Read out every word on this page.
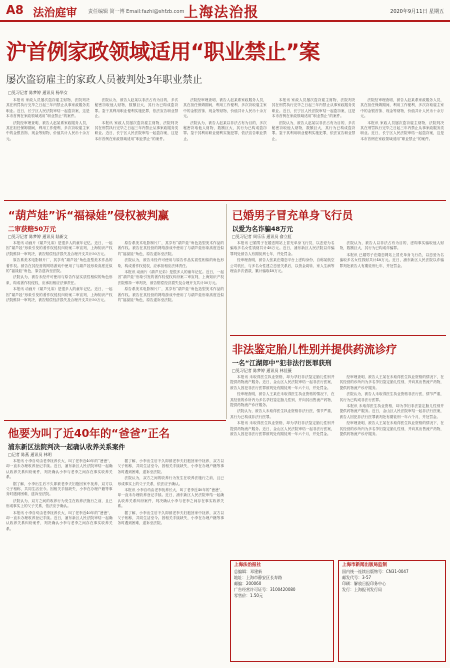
A8 法治庭审 责任编辑 简一博 Email:fazhi@shfzb.com 上海法治报	2020年9月11日 星期五
沪首例家政领域适用“职业禁止”案
屡次盗窃雇主的家政人员被判处3年职业禁止
□见习记者 陈梦婷 通讯员 杨华女

本报讯 家政人员屡次盗窃雇主财物，法院判决其在刑罚执行完毕之日起三年内禁止从事家政服务类职业。近日，长宁区人民法院审结一起盗窃案，这是本市首例在家政领域适用“职业禁止”的案件。

法院经审理查明，被告人赵某系家政服务人员，其在担任保姆期间，利用工作便利，多次窃取雇主家中的金银首饰、现金等财物，价值共计人民币十余万元。

法院认为，被告人赵某以非法占有为目的，多次秘密窃取他人财物，数额巨大，其行为已构成盗窃罪。鉴于其利用职业便利实施犯罪，依法宣告职业禁止。

本报讯 家政人员屡次盗窃雇主财物，法院判决其在刑罚执行完毕之日起三年内禁止从事家政服务类职业。近日，长宁区人民法院审结一起盗窃案，这是本市首例在家政领域适用“职业禁止”的案件。

法院经审理查明，被告人赵某系家政服务人员，其在担任保姆期间，利用工作便利，多次窃取雇主家中的金银首饰、现金等财物，价值共计人民币十余万元。

法院认为，被告人赵某以非法占有为目的，多次秘密窃取他人财物，数额巨大，其行为已构成盗窃罪。鉴于其利用职业便利实施犯罪，依法宣告职业禁止。

本报讯 家政人员屡次盗窃雇主财物，法院判决其在刑罚执行完毕之日起三年内禁止从事家政服务类职业。近日，长宁区人民法院审结一起盗窃案，这是本市首例在家政领域适用“职业禁止”的案件。

法院认为，被告人赵某以非法占有为目的，多次秘密窃取他人财物，数额巨大，其行为已构成盗窃罪。鉴于其利用职业便利实施犯罪，依法宣告职业禁止。

法院经审理查明，被告人赵某系家政服务人员，其在担任保姆期间，利用工作便利，多次窃取雇主家中的金银首饰、现金等财物，价值共计人民币十余万元。

本报讯 家政人员屡次盗窃雇主财物，法院判决其在刑罚执行完毕之日起三年内禁止从事家政服务类职业。近日，长宁区人民法院审结一起盗窃案，这是本市首例在家政领域适用“职业禁止”的案件。

“葫芦娃”诉“福禄娃”侵权被判赢
二审获赔50万元
□见习记者 陈梦婷 通讯员 陆新文

本报讯 动画片《葫芦兄弟》是很多人的童年记忆。近日，一起因“葫芦娃”形象引发的著作权侵权纠纷案二审宣判，上海知识产权法院维持一审判决，被告赔偿经济损失及合理开支共计50万元。

原告系美术电影制片厂，其享有“葫芦娃”角色造型美术作品的著作权。被告在其经营的网络游戏中使用了与葫芦娃形象高度近似的“福禄娃”角色，原告遂诉至法院。

法院认为，被告未经许可使用与原告作品实质性相似的角色形象，构成著作权侵权，应承担相应法律责任。

本报讯 动画片《葫芦兄弟》是很多人的童年记忆。近日，一起因“葫芦娃”形象引发的著作权侵权纠纷案二审宣判，上海知识产权法院维持一审判决，被告赔偿经济损失及合理开支共计50万元。

原告系美术电影制片厂，其享有“葫芦娃”角色造型美术作品的著作权。被告在其经营的网络游戏中使用了与葫芦娃形象高度近似的“福禄娃”角色，原告遂诉至法院。

法院认为，被告未经许可使用与原告作品实质性相似的角色形象，构成著作权侵权，应承担相应法律责任。

本报讯 动画片《葫芦兄弟》是很多人的童年记忆。近日，一起因“葫芦娃”形象引发的著作权侵权纠纷案二审宣判，上海知识产权法院维持一审判决，被告赔偿经济损失及合理开支共计50万元。

原告系美术电影制片厂，其享有“葫芦娃”角色造型美术作品的著作权。被告在其经营的网络游戏中使用了与葫芦娃形象高度近似的“福禄娃”角色，原告遂诉至法院。

已婚男子冒充单身飞行员
以爱为名诈骗48万元
□见习记者 周乐乐 通讯员 俞立虹

本报讯 已婚男子在婚恋网站上冒充单身飞行员，以恋爱为名骗取多名女性钱财共计48万元。近日，浦东新区人民法院以诈骗罪判处被告人有期徒刑七年，并处罚金。

经审理查明，被告人张某在婚恋平台上虚构身份，自称某航空公司机长，与多名女性建立恋爱关系后，以资金周转、家人生病等理由多次借款，累计骗取48万元。

法院认为，被告人以非法占有为目的，虚构事实骗取他人财物，数额巨大，其行为已构成诈骗罪。

本报讯 已婚男子在婚恋网站上冒充单身飞行员，以恋爱为名骗取多名女性钱财共计48万元。近日，浦东新区人民法院以诈骗罪判处被告人有期徒刑七年，并处罚金。

非法鉴定胎儿性别并提供药流诊疗
一名“江湖郎中”犯非法行医罪获刑
□见习记者 陈梦婷 通讯员 林佳薇

本报讯 未取得医生执业资格，却为孕妇非法鉴定胎儿性别并提供药物流产服务。近日，金山区人民法院审结一起非法行医案，被告人因犯非法行医罪被判处有期徒刑一年六个月，并处罚金。

经审理查明，被告人王某在未取得医生执业资格的情况下，在其经营的诊所内为多名孕妇鉴定胎儿性别，并向其出售流产药物，提供药物流产诊疗服务。

法院认为，被告人未取得医生执业资格非法行医，情节严重，其行为已构成非法行医罪。

本报讯 未取得医生执业资格，却为孕妇非法鉴定胎儿性别并提供药物流产服务。近日，金山区人民法院审结一起非法行医案，被告人因犯非法行医罪被判处有期徒刑一年六个月，并处罚金。

经审理查明，被告人王某在未取得医生执业资格的情况下，在其经营的诊所内为多名孕妇鉴定胎儿性别，并向其出售流产药物，提供药物流产诊疗服务。

法院认为，被告人未取得医生执业资格非法行医，情节严重，其行为已构成非法行医罪。

本报讯 未取得医生执业资格，却为孕妇非法鉴定胎儿性别并提供药物流产服务。近日，金山区人民法院审结一起非法行医案，被告人因犯非法行医罪被判处有期徒刑一年六个月，并处罚金。

经审理查明，被告人王某在未取得医生执业资格的情况下，在其经营的诊所内为多名孕妇鉴定胎儿性别，并向其出售流产药物，提供药物流产诊疗服务。

他要为叫了近40年的“爸爸”正名
浦东新区法院判决一起确认收养关系案件
□记者 陈燕 通讯员 林明

本报讯 小李自幼由老李抚养长大，叫了老李近40年的“爸爸”，却一直未办理收养登记手续。近日，浦东新区人民法院审结一起确认收养关系纠纷案件，判决确认小李与老李之间存在事实收养关系。

据了解，小李出生后不久即被老李夫妇抱回家中抚养，双方以父子相称，共同生活至今。因相关手续缺失，小李在办理户籍等事务时遇到困难，遂诉至法院。

法院认为，双方之间的收养行为发生在收养法施行之前，且已形成事实上的父子关系，依法应予确认。

本报讯 小李自幼由老李抚养长大，叫了老李近40年的“爸爸”，却一直未办理收养登记手续。近日，浦东新区人民法院审结一起确认收养关系纠纷案件，判决确认小李与老李之间存在事实收养关系。

据了解，小李出生后不久即被老李夫妇抱回家中抚养，双方以父子相称，共同生活至今。因相关手续缺失，小李在办理户籍等事务时遇到困难，遂诉至法院。

法院认为，双方之间的收养行为发生在收养法施行之前，且已形成事实上的父子关系，依法应予确认。

本报讯 小李自幼由老李抚养长大，叫了老李近40年的“爸爸”，却一直未办理收养登记手续。近日，浦东新区人民法院审结一起确认收养关系纠纷案件，判决确认小李与老李之间存在事实收养关系。

据了解，小李出生后不久即被老李夫妇抱回家中抚养，双方以父子相称，共同生活至今。因相关手续缺失，小李在办理户籍等事务时遇到困难，遂诉至法院。

上海法治报社
总编辑：邓建新
地址：上海市静安区长寿路
邮编：200060
广告经营许可证号：3100420080
零售价：1.50元
上海市新闻出版局监制
国内统一连续出版物号：CN31-0047
邮发代号：3-57
印刷：解放日报印务中心
发行：上海报刊发行局
